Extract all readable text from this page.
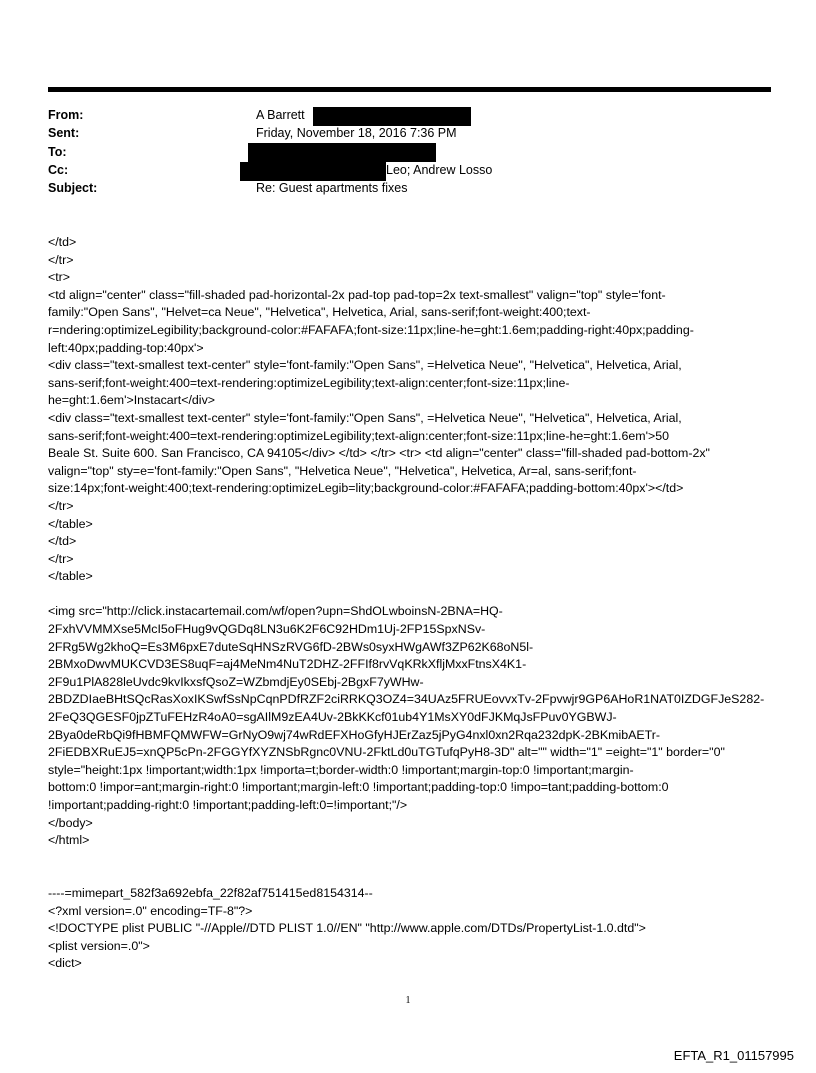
From:	A Barrett
Sent:	Friday, November 18, 2016 7:36 PM
To:
Cc:	Leo; Andrew Losso
Subject:	Re: Guest apartments fixes
</td>
</tr>
<tr>
<td align="center" class="fill-shaded pad-horizontal-2x pad-top pad-top=2x text-smallest" valign="top" style='font-
family:"Open Sans", "Helvet=ca Neue", "Helvetica", Helvetica, Arial, sans-serif;font-weight:400;text-
r=ndering:optimizeLegibility;background-color:#FAFAFA;font-size:11px;line-he=ght:1.6em;padding-right:40px;padding-
left:40px;padding-top:40px'>
<div class="text-smallest text-center" style='font-family:"Open Sans", =Helvetica Neue", "Helvetica", Helvetica, Arial,
sans-serif;font-weight:400=text-rendering:optimizeLegibility;text-align:center;font-size:11px;line-
he=ght:1.6em'>Instacart</div>
<div class="text-smallest text-center" style='font-family:"Open Sans", =Helvetica Neue", "Helvetica", Helvetica, Arial,
sans-serif;font-weight:400=text-rendering:optimizeLegibility;text-align:center;font-size:11px;line-he=ght:1.6em'>50
Beale St. Suite 600. San Francisco, CA 94105</div> </td> </tr> <tr> <td align="center" class="fill-shaded pad-bottom-2x"
valign="top" sty=e='font-family:"Open Sans", "Helvetica Neue", "Helvetica", Helvetica, Ar=al, sans-serif;font-
size:14px;font-weight:400;text-rendering:optimizeLegib=lity;background-color:#FAFAFA;padding-bottom:40px'></td>
</tr>
</table>
</td>
</tr>
</table>

<img src="http://click.instacartemail.com/wf/open?upn=ShdOLwboinsN-2BNA=HQ-
2FxhVVMMXse5McI5oFHug9vQGDq8LN3u6K2F6C92HDm1Uj-2FP15SpxNSv-
2FRg5Wg2khoQ=Es3M6pxE7duteSqHNSzRVG6fD-2BWs0syxHWgAWf3ZP62K68oN5l-
2BMxoDwvMUKCVD3ES8uqF=aj4MeNm4NuT2DHZ-2FFIf8rvVqKRkXfljMxxFtnsX4K1-
2F9u1PlA828leUvdc9kvIkxsfQsoZ=WZbmdjEy0SEbj-2BgxF7yWHw-
2BDZDIaeBHtSQcRasXoxIKSwfSsNpCqnPDfRZF2ciRRKQ3OZ4=34UAz5FRUEovvxTv-2Fpvwjr9GP6AHoR1NAT0IZDGFJeS282-
2FeQ3QGESF0jpZTuFEHzR4oA0=sgAIlM9zEA4Uv-2BkKKcf01ub4Y1MsXY0dFJKMqJsFPuv0YGBWJ-
2Bya0deRbQi9fHBMFQMWFW=GrNyO9wj74wRdEFXHoGfyHJErZaz5jPyG4nxl0xn2Rqa232dpK-2BKmibAETr-
2FiEDBXRuEJ5=xnQP5cPn-2FGGYfXYZNSbRgnc0VNU-2FktLd0uTGTufqPyH8-3D" alt="" width="1" =eight="1" border="0"
style="height:1px !important;width:1px !importa=t;border-width:0 !important;margin-top:0 !important;margin-
bottom:0 !impor=ant;margin-right:0 !important;margin-left:0 !important;padding-top:0 !impo=tant;padding-bottom:0
!important;padding-right:0 !important;padding-left:0=!important;"/>
</body>
</html>

----=mimepart_582f3a692ebfa_22f82af751415ed8154314--
<?xml version=.0" encoding=TF-8"?>
<!DOCTYPE plist PUBLIC "-//Apple//DTD PLIST 1.0//EN" "http://www.apple.com/DTDs/PropertyList-1.0.dtd">
<plist version=.0">
<dict>
1
EFTA_R1_01157995
